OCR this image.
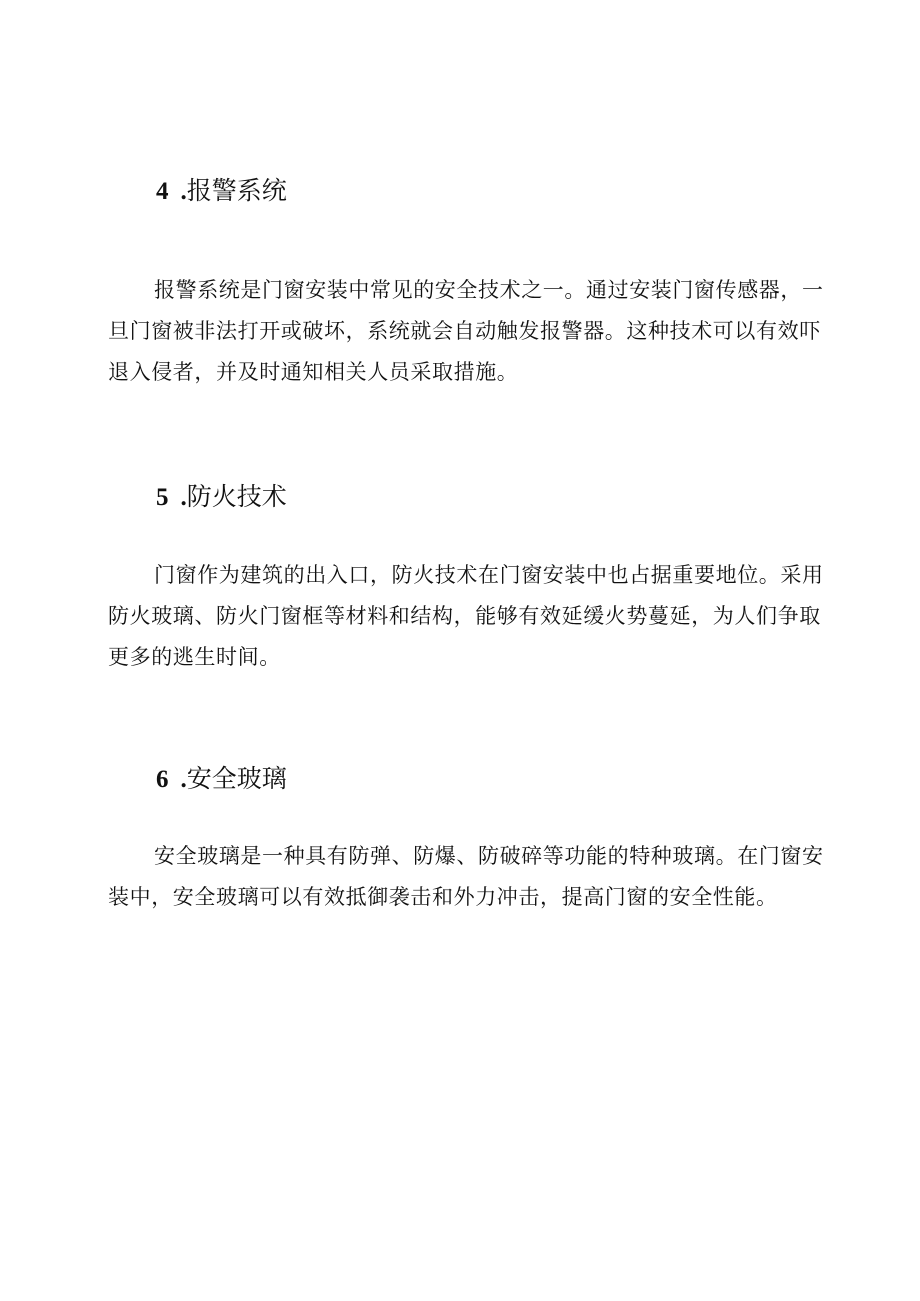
4 .报警系统

报警系统是门窗安装中常见的安全技术之一。通过安装门窗传感器，一旦门窗被非法打开或破坏，系统就会自动触发报警器。这种技术可以有效吓退入侵者，并及时通知相关人员采取措施。

5 .防火技术

门窗作为建筑的出入口，防火技术在门窗安装中也占据重要地位。采用防火玻璃、防火门窗框等材料和结构，能够有效延缓火势蔓延，为人们争取更多的逃生时间。

6 .安全玻璃

安全玻璃是一种具有防弹、防爆、防破碎等功能的特种玻璃。在门窗安装中，安全玻璃可以有效抵御袭击和外力冲击，提高门窗的安全性能。
